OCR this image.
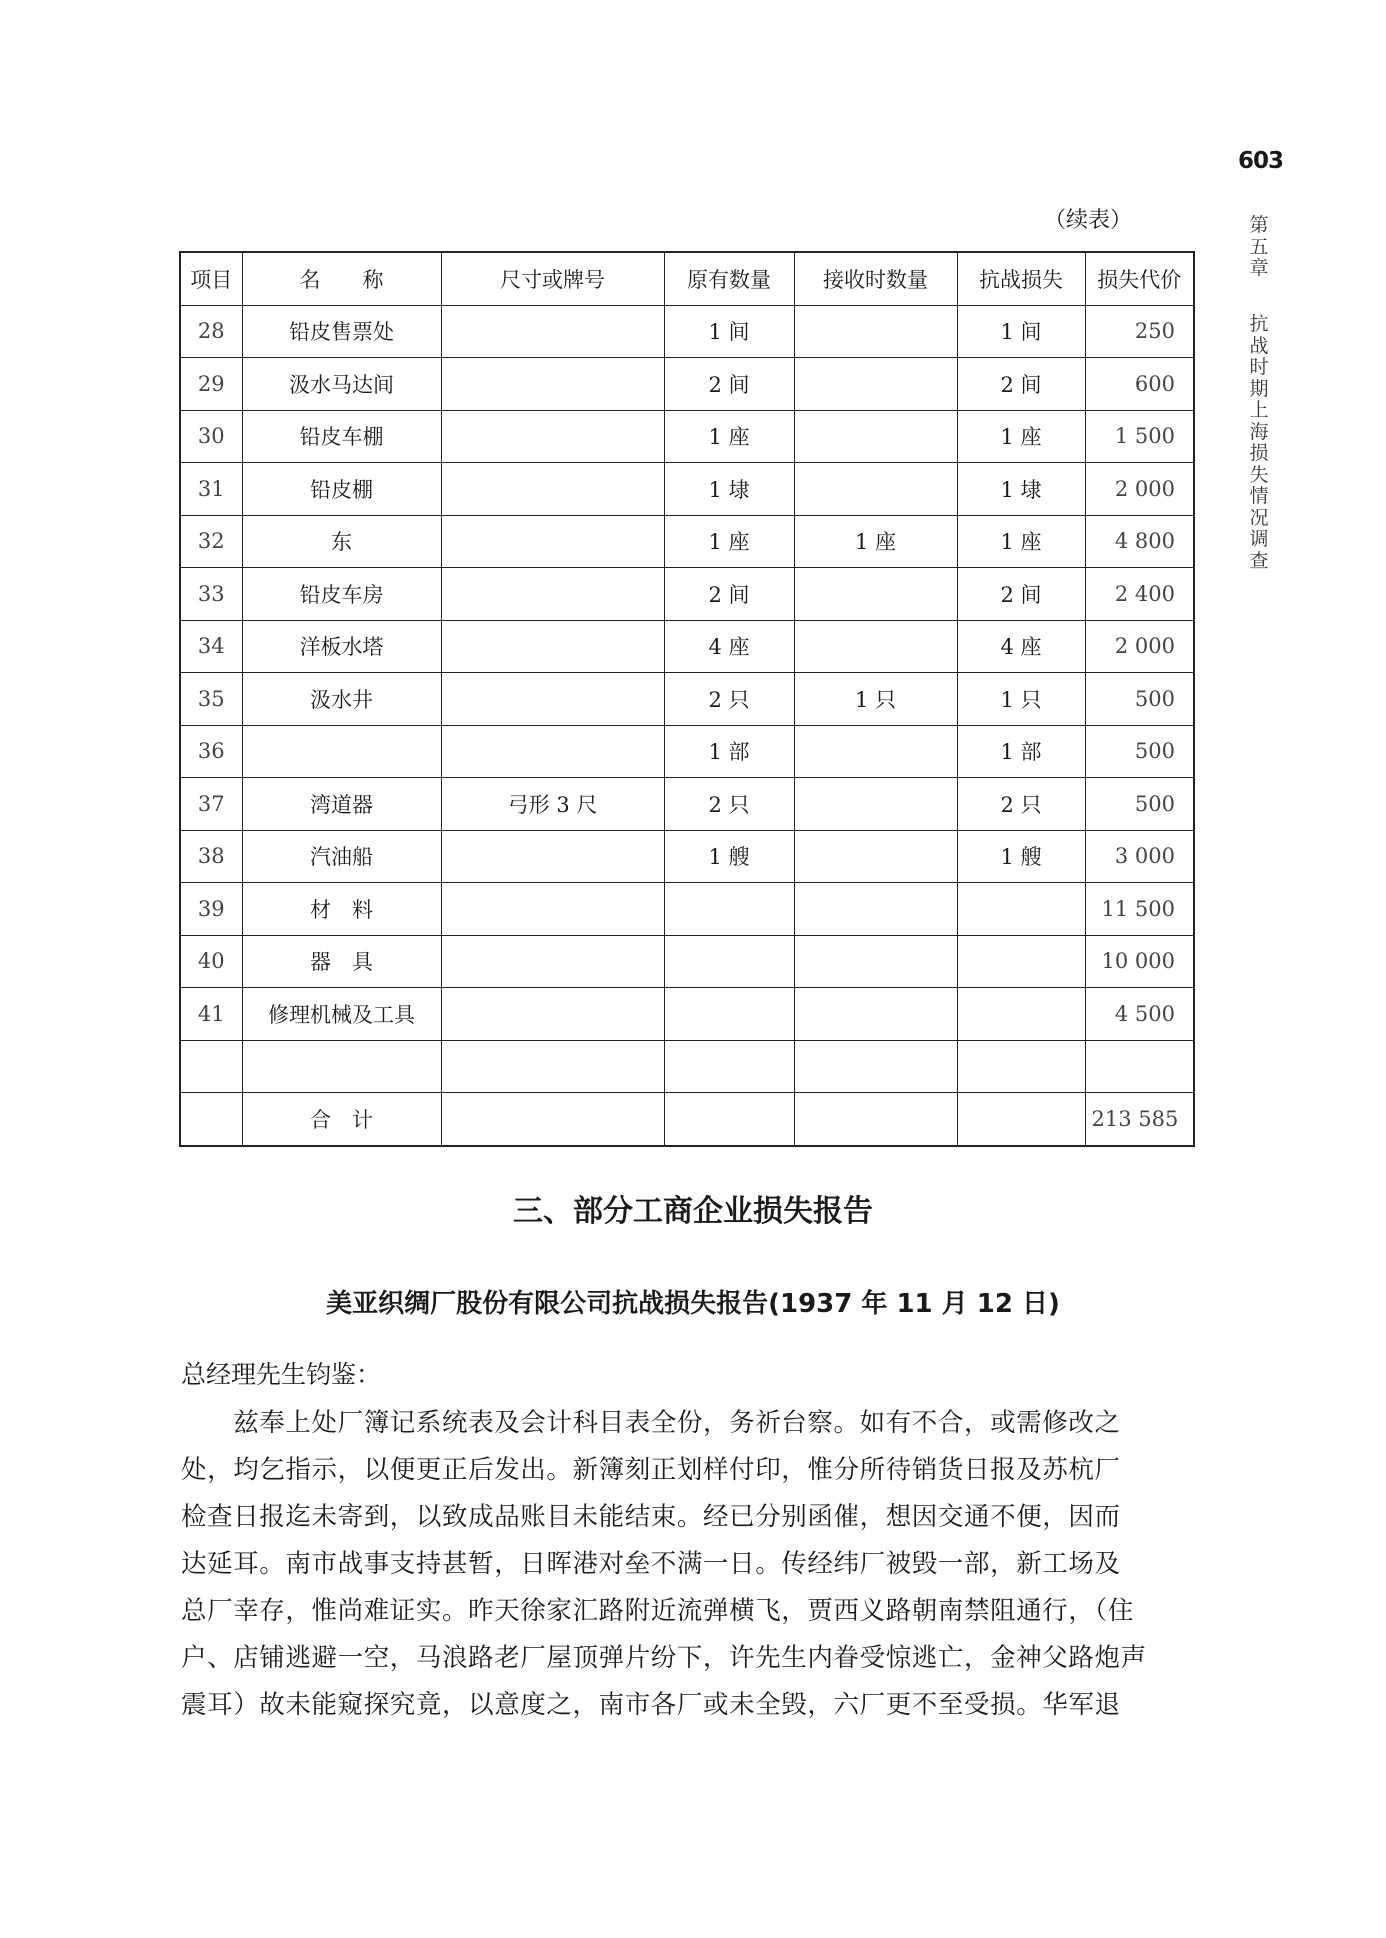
603
第五章
抗战时期上海损失情况调查
（续表）
项目	名　　称	尺寸或牌号	原有数量	接收时数量	抗战损失	损失代价
28	铅皮售票处		1 间		1 间	250
29	汲水马达间		2 间		2 间	600
30	铅皮车棚		1 座		1 座	1 500
31	铅皮棚		1 埭		1 埭	2 000
32	东		1 座	1 座	1 座	4 800
33	铅皮车房		2 间		2 间	2 400
34	洋板水塔		4 座		4 座	2 000
35	汲水井		2 只	1 只	1 只	500
36			1 部		1 部	500
37	湾道器	弓形 3 尺	2 只		2 只	500
38	汽油船		1 艘		1 艘	3 000
39	材　料					11 500
40	器　具					10 000
41	修理机械及工具					4 500

	合　计					213 585
三、部分工商企业损失报告
美亚织绸厂股份有限公司抗战损失报告(1937 年 11 月 12 日)
总经理先生钧鉴：
　　兹奉上处厂簿记系统表及会计科目表全份，务祈台察。如有不合，或需修改之
处，均乞指示，以便更正后发出。新簿刻正划样付印，惟分所待销货日报及苏杭厂
检查日报迄未寄到，以致成品账目未能结束。经已分别函催，想因交通不便，因而
达延耳。南市战事支持甚暂，日晖港对垒不满一日。传经纬厂被毁一部，新工场及
总厂幸存，惟尚难证实。昨天徐家汇路附近流弹横飞，贾西义路朝南禁阻通行，（住
户、店铺逃避一空，马浪路老厂屋顶弹片纷下，许先生内眷受惊逃亡，金神父路炮声
震耳）故未能窥探究竟，以意度之，南市各厂或未全毁，六厂更不至受损。华军退
